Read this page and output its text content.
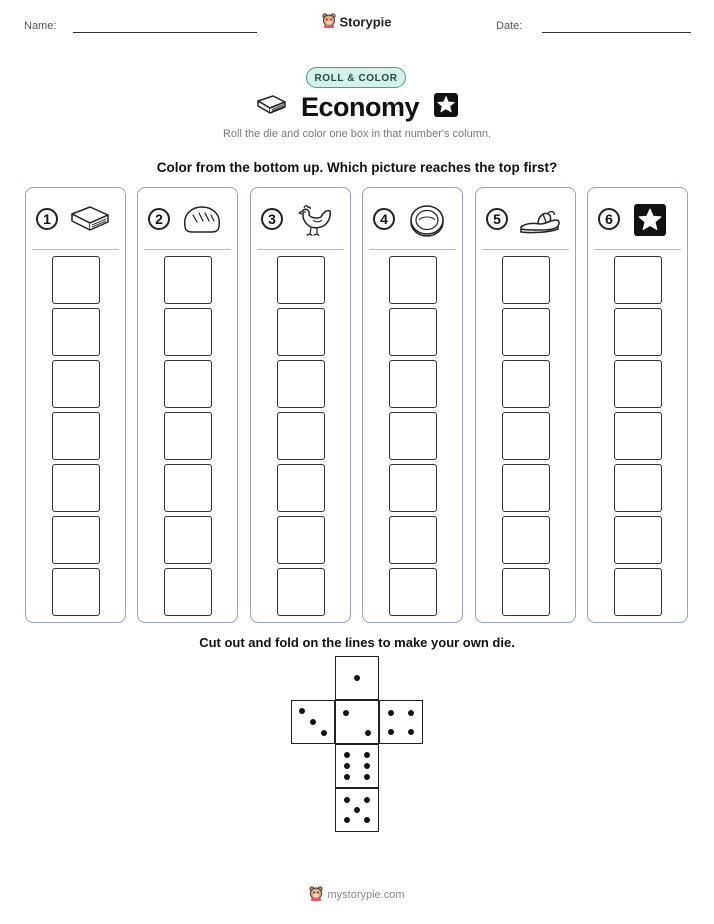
Name:	Storypie	Date:
ROLL & COLOR
Economy
Roll the die and color one box in that number's column.
Color from the bottom up. Which picture reaches the top first?
1	2	3	4	5	6
Cut out and fold on the lines to make your own die.
mystorypie.com
